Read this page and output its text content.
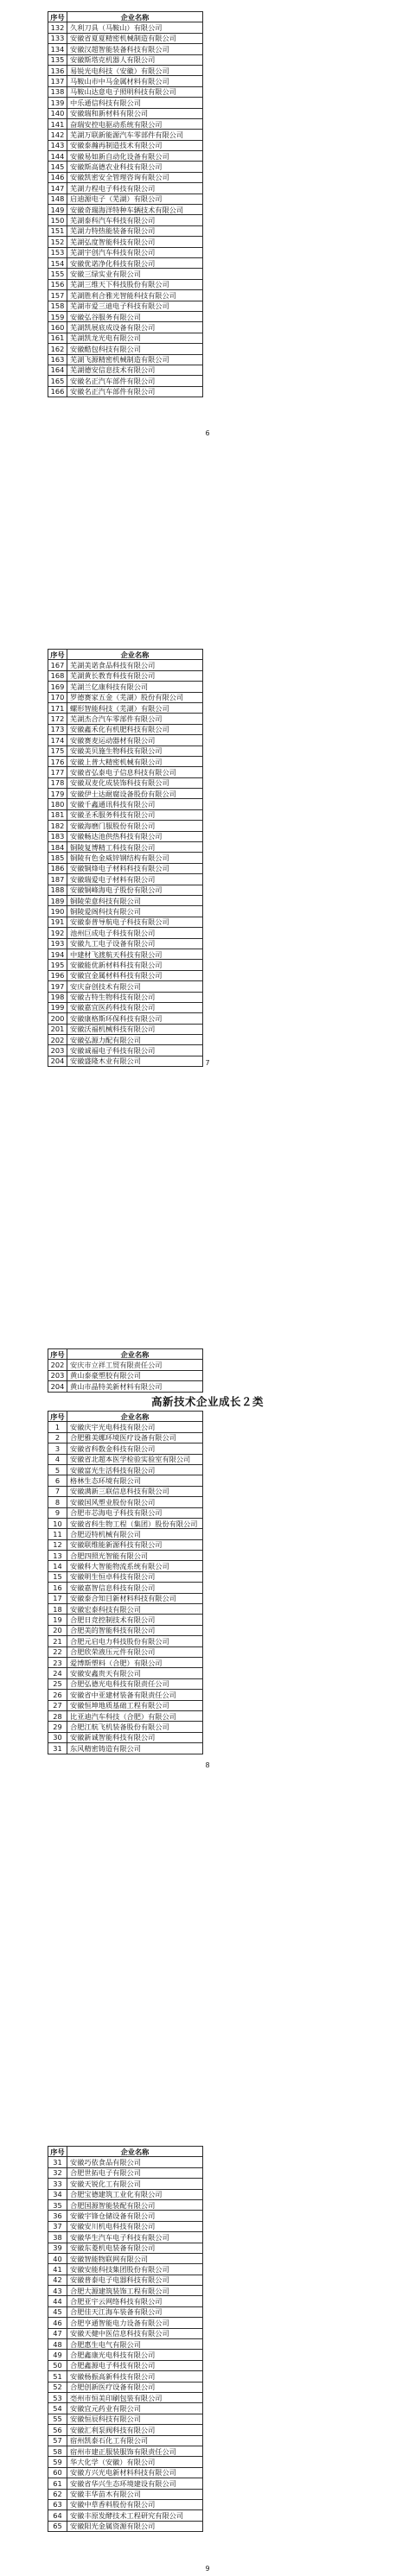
序号	企业名称
132	久利刀具（马鞍山）有限公司
133	安徽省夏夏精密机械制造有限公司
134	安徽汉超智能装备科技有限公司
135	安徽斯塔克机器人有限公司
136	易锐光电科技（安徽）有限公司
137	马鞍山市中马金属材料有限公司
138	马鞍山达意电子照明科技有限公司
139	中乐通信科技有限公司
140	安徽瑞和新材料有限公司
141	奋瑞安控电驱动系统有限公司
142	芜湖万联新能源汽车零部件有限公司
143	安徽泰瀚再制造技术有限公司
144	安徽易如新自动化设备有限公司
145	安徽斯高德农业科技有限公司
146	安徽凯密安全管理咨询有限公司
147	芜湖力程电子科技有限公司
148	启迪源电子（芜湖）有限公司
149	安徽奇瑞海洋特种车辆技术有限公司
150	芜湖泰科汽车科技有限公司
151	芜湖力特热能装备有限公司
152	芜湖弘度智能科技有限公司
153	芜湖宇创汽车科技有限公司
154	安徽优诺净化科技有限公司
155	安徽三绿实业有限公司
156	芜湖三维天下科技股份有限公司
157	芜湖胜利合雅光智能科技有限公司
158	芜湖市爱三迪电子科技有限公司
159	安徽弘谷服务有限公司
160	芜湖凯展底成设备有限公司
161	芜湖凯龙光电有限公司
162	安徽酷包科技有限公司
163	芜湖飞源精密机械制造有限公司
164	芜湖德安信息技术有限公司
165	安徽名正汽车部件有限公司
166	安徽名正汽车部件有限公司
6
序号	企业名称
167	芜湖美诺食品科技有限公司
168	芜湖黄长教育科技有限公司
169	芜湖兰亿康科技有限公司
170	罗德赛家五金（芜湖）股份有限公司
171	螺形智能科技（芜湖）有限公司
172	芜湖杰合汽车零部件有限公司
173	安徽鑫禾化有机肥科技有限公司
174	安徽赛麦运动器材有限公司
175	安徽美贝施生物科技有限公司
176	安徽上普大精密机械有限公司
177	安徽省弘泰电子信息科技有限公司
178	安徽双麦化成装饰科技有限公司
179	安徽伊士达耐腐设备股份有限公司
180	安徽千鑫通讯科技有限公司
181	安徽圣禾服务科技有限公司
182	安徽海磨门服股份有限公司
183	安徽畅达池供热科技有限公司
184	铜陵复博精工科技有限公司
185	铜陵有色金威锌钢结构有限公司
186	安徽铜烽电子材料科技有限公司
187	安徽瑞爱电子材料有限公司
188	安徽铜峰海电子股份有限公司
189	铜陵荣意科技有限公司
190	铜陵爱阁科技有限公司
191	安徽泰普导航电子科技有限公司
192	池州巨成电子科技有限公司
193	安徽九工电子设备有限公司
194	中建材飞渡航天科技有限公司
195	安徽能优新材料科技有限公司
196	安徽宜金属材料科技有限公司
197	安庆奋创技术有限公司
198	安徽古特生物科技有限公司
199	安徽嘉宜医药科技有限公司
200	安徽康格斯环保科技有限公司
201	安徽沃福机械科技有限公司
202	安徽弘源力配有限公司
203	安徽诚福电子科技有限公司
204	安徽盛隆木业有限公司	7
序号	企业名称
202	安庆市立祥工贸有限责任公司
203	黄山泰豪塑胶有限公司
204	黄山市晶特美新材料有限公司
高新技术企业成长２类
序号	企业名称
1	安徽庆宇光电科技有限公司
2	合肥雅美娜环境医疗设备有限公司
3	安徽省科数金科技有限公司
4	安徽省北超本医学检验实验室有限公司
5	安徽富光生活科技有限公司
6	格林生态环境有限公司
7	安徽满新三联信息科技有限公司
8	安徽国风塑业股份有限公司
9	合肥市芯海电子科技有限公司
10	安徽省科生物工程（集团）股份有限公司
11	合肥迈特机械有限公司
12	安徽联维能新源科技有限公司
13	合肥四照光智能有限公司
14	安徽科大智能物流系统有限公司
15	安徽明生恒卓科技有限公司
16	安徽嘉智信息科技有限公司
17	安徽泰合知目新材料科技有限公司
18	安徽宏泰科技有限公司
19	合肥日竞控制技术有限公司
20	合肥美的智能科技有限公司
21	合肥元启电力科技股份有限公司
22	合肥欣荣液压元件有限公司
23	爱博斯塑料（合肥）有限公司
24	安徽安鑫贵天有限公司
25	合肥弘德光电科技有限责任公司
26	安徽省中亚建材装备有限责任公司
27	安徽恒坤地质基础工程有限公司
28	比亚迪汽车科技（合肥）有限公司
29	合肥江航飞机装备股份有限公司
30	安徽新诚智能科技有限公司
31	东风精密铸造有限公司
8
序号	企业名称
31	安徽巧依食品有限公司
32	合肥世拓电子有限公司
33	安徽天锐化工有限公司
34	合肥宝德建筑工业化有限公司
35	合肥国源智能装配有限公司
36	安徽宇锋仓储设备有限公司
37	安徽安川机电科技有限公司
38	安徽华生汽车电子科技有限公司
39	安徽东菱机电装备有限公司
40	安徽智能物联网有限公司
41	安徽安能科技集团股份有限公司
42	安徽普泰电子电器科技有限公司
43	合肥大源建筑装饰工程有限公司
44	合肥亚宇云网络科技有限公司
45	合肥佳天江海车装备有限公司
46	合肥亨通智能电力设备有限公司
47	安徽天健中医信息科技有限公司
48	合肥惠生电气有限公司
49	合肥鑫康光电科技有限公司
50	合肥鑫源电子科技有限公司
51	安徽杨振高新科技有限公司
52	合肥创新医疗设备有限公司
53	亳州市恒美印刷包装有限公司
54	安徽宜元药业有限公司
55	安徽恒辰科技有限公司
56	安徽汇利泵阀科技有限公司
57	宿州凯泰石化工有限公司
58	宿州市建正服装服饰有限责任公司
59	华大化学（安徽）有限公司
60	安徽方兴光电新材料科技有限公司
61	安徽省华兴生态环境建设有限公司
62	安徽丰华苗木有限公司
63	安徽中草香料股份有限公司
64	安徽丰原发酵技术工程研究有限公司
65	安徽阳光金属资源有限公司
9
